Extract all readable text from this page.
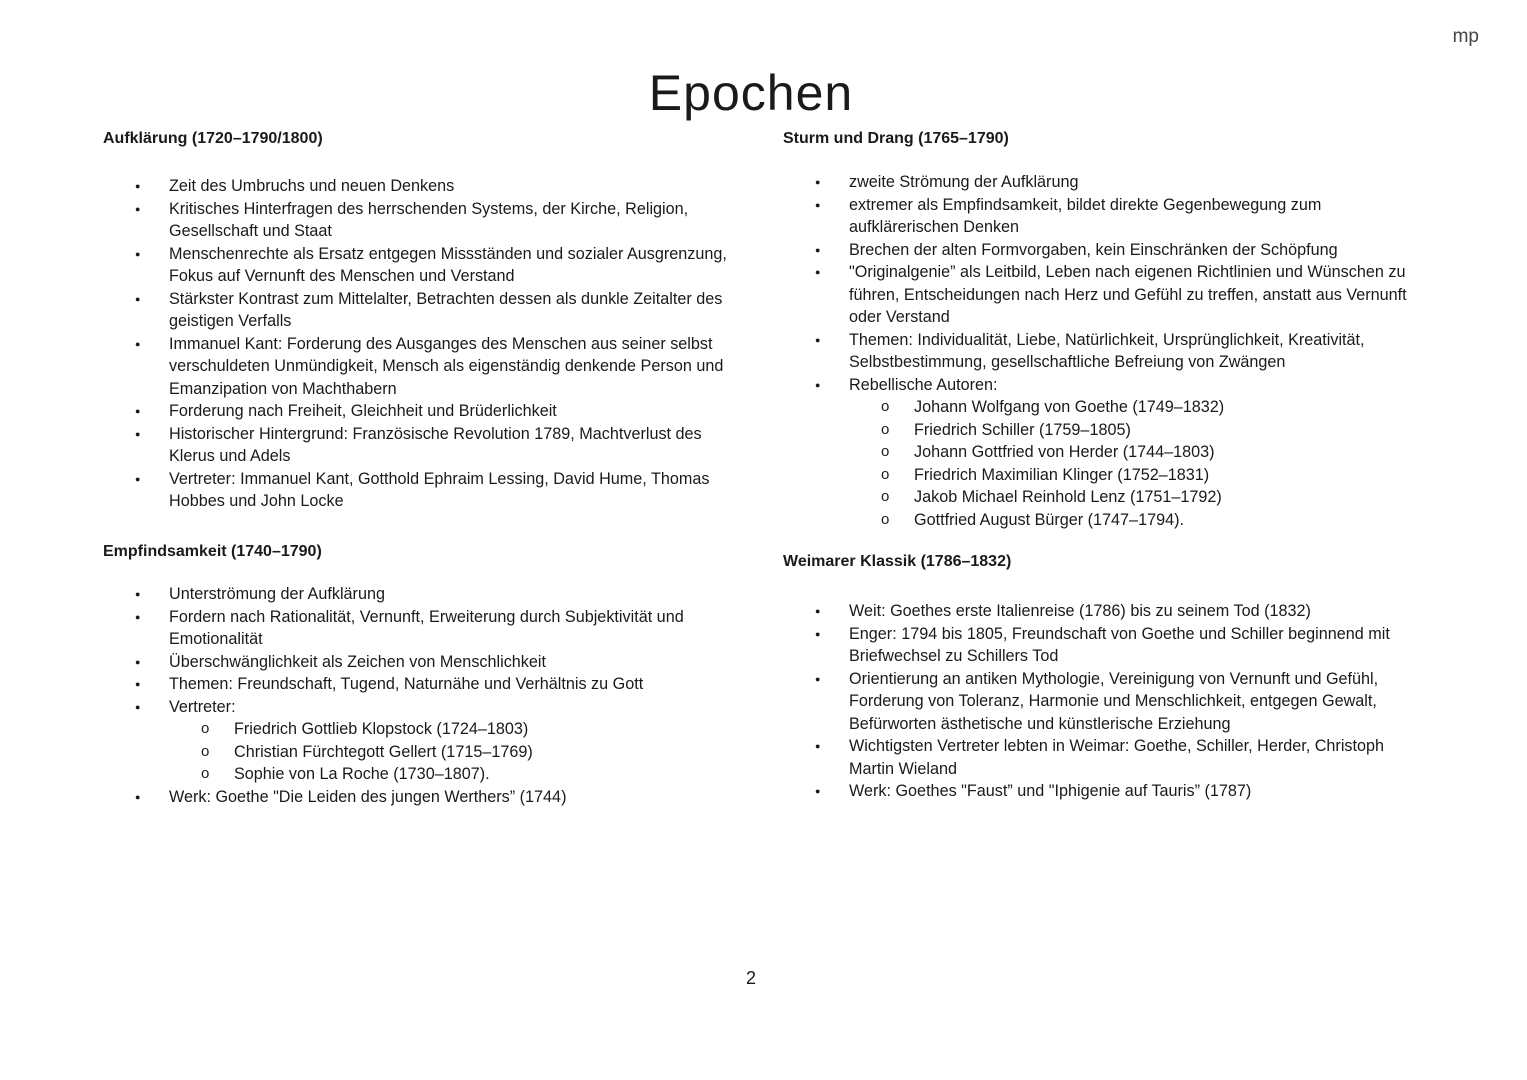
mp
Epochen

Aufklärung (1720–1790/1800)

● Zeit des Umbruchs und neuen Denkens
● Kritisches Hinterfragen des herrschenden Systems, der Kirche, Religion, Gesellschaft und Staat
● Menschenrechte als Ersatz entgegen Missständen und sozialer Ausgrenzung, Fokus auf Vernunft des Menschen und Verstand
● Stärkster Kontrast zum Mittelalter, Betrachten dessen als dunkle Zeitalter des geistigen Verfalls
● Immanuel Kant: Forderung des Ausganges des Menschen aus seiner selbst verschuldeten Unmündigkeit, Mensch als eigenständig denkende Person und Emanzipation von Machthabern
● Forderung nach Freiheit, Gleichheit und Brüderlichkeit
● Historischer Hintergrund: Französische Revolution 1789, Machtverlust des Klerus und Adels
● Vertreter: Immanuel Kant, Gotthold Ephraim Lessing, David Hume, Thomas Hobbes und John Locke

Empfindsamkeit (1740–1790)

● Unterströmung der Aufklärung
● Fordern nach Rationalität, Vernunft, Erweiterung durch Subjektivität und Emotionalität
● Überschwänglichkeit als Zeichen von Menschlichkeit
● Themen: Freundschaft, Tugend, Naturnähe und Verhältnis zu Gott
● Vertreter:
o Friedrich Gottlieb Klopstock (1724–1803)
o Christian Fürchtegott Gellert (1715–1769)
o Sophie von La Roche (1730–1807).
● Werk: Goethe "Die Leiden des jungen Werthers” (1744)

Sturm und Drang (1765–1790)

● zweite Strömung der Aufklärung
● extremer als Empfindsamkeit, bildet direkte Gegenbewegung zum aufklärerischen Denken
● Brechen der alten Formvorgaben, kein Einschränken der Schöpfung
● "Originalgenie” als Leitbild, Leben nach eigenen Richtlinien und Wünschen zu führen, Entscheidungen nach Herz und Gefühl zu treffen, anstatt aus Vernunft oder Verstand
● Themen: Individualität, Liebe, Natürlichkeit, Ursprünglichkeit, Kreativität, Selbstbestimmung, gesellschaftliche Befreiung von Zwängen
● Rebellische Autoren:
o Johann Wolfgang von Goethe (1749–1832)
o Friedrich Schiller (1759–1805)
o Johann Gottfried von Herder (1744–1803)
o Friedrich Maximilian Klinger (1752–1831)
o Jakob Michael Reinhold Lenz (1751–1792)
o Gottfried August Bürger (1747–1794).

Weimarer Klassik (1786–1832)

● Weit: Goethes erste Italienreise (1786) bis zu seinem Tod (1832)
● Enger: 1794 bis 1805, Freundschaft von Goethe und Schiller beginnend mit Briefwechsel zu Schillers Tod
● Orientierung an antiken Mythologie, Vereinigung von Vernunft und Gefühl, Forderung von Toleranz, Harmonie und Menschlichkeit, entgegen Gewalt, Befürworten ästhetische und künstlerische Erziehung
● Wichtigsten Vertreter lebten in Weimar: Goethe, Schiller, Herder, Christoph Martin Wieland
● Werk: Goethes "Faust” und "Iphigenie auf Tauris” (1787)
2
